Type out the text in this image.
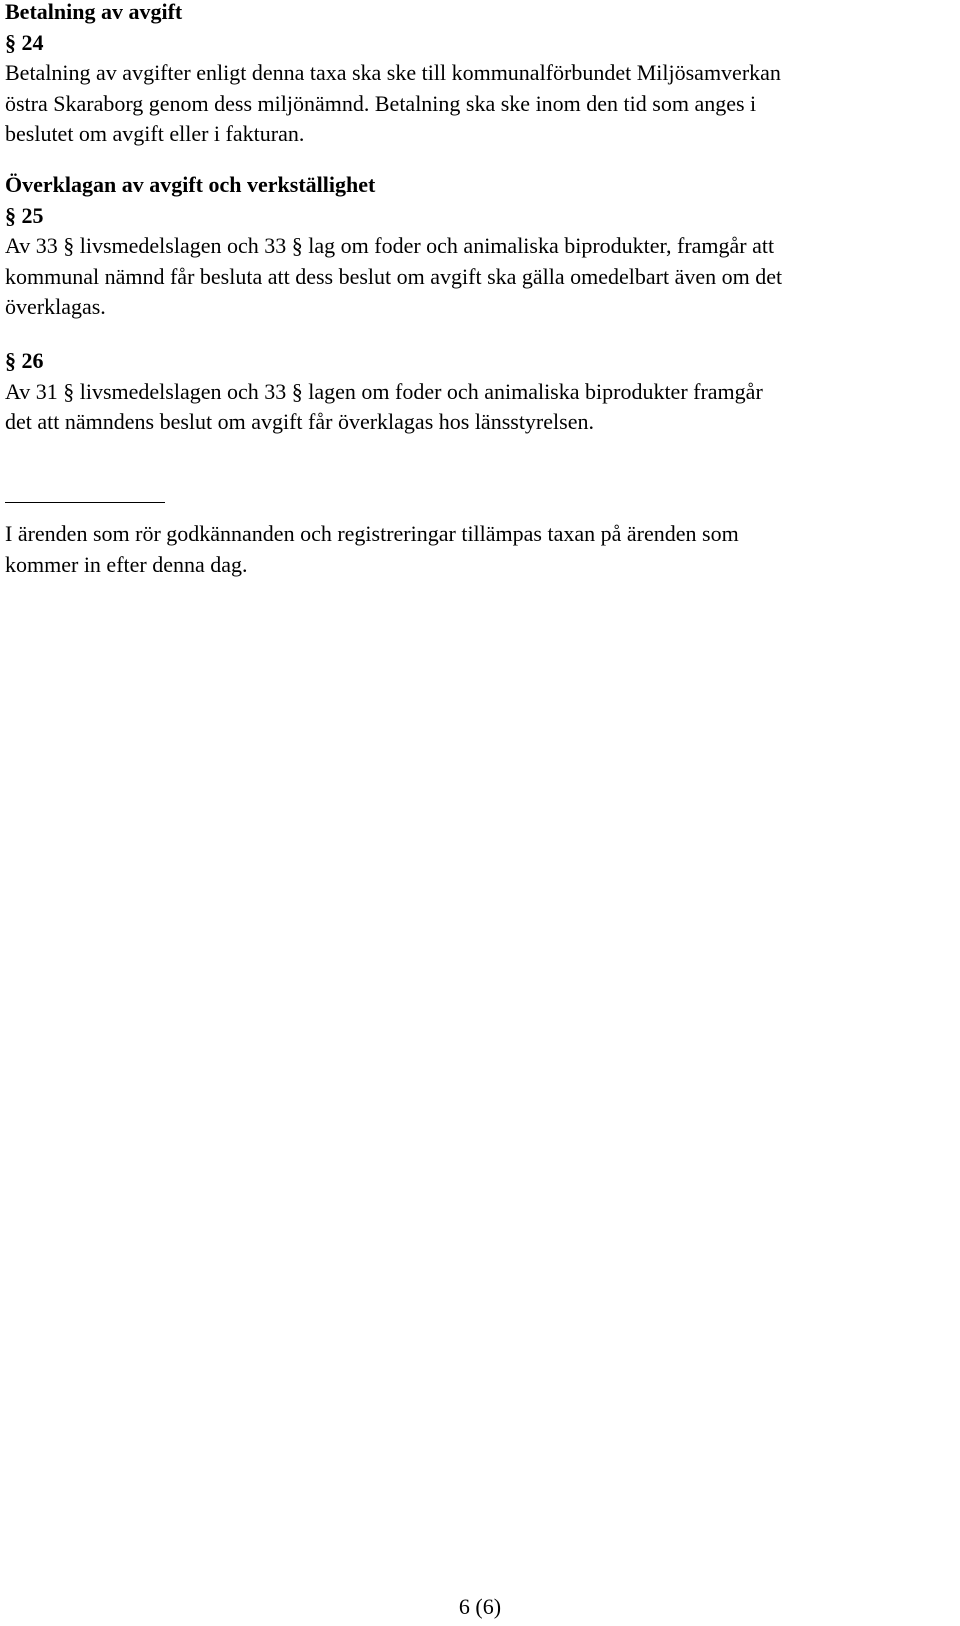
Betalning av avgift
§ 24
Betalning av avgifter enligt denna taxa ska ske till kommunalförbundet Miljösamverkan
östra Skaraborg genom dess miljönämnd. Betalning ska ske inom den tid som anges i
beslutet om avgift eller i fakturan.
Överklagan av avgift och verkställighet
§ 25
Av 33 § livsmedelslagen och 33 § lag om foder och animaliska biprodukter, framgår att
kommunal nämnd får besluta att dess beslut om avgift ska gälla omedelbart även om det
överklagas.
§ 26
Av 31 § livsmedelslagen och 33 § lagen om foder och animaliska biprodukter framgår
det att nämndens beslut om avgift får överklagas hos länsstyrelsen.
I ärenden som rör godkännanden och registreringar tillämpas taxan på ärenden som
kommer in efter denna dag.
6 (6)
